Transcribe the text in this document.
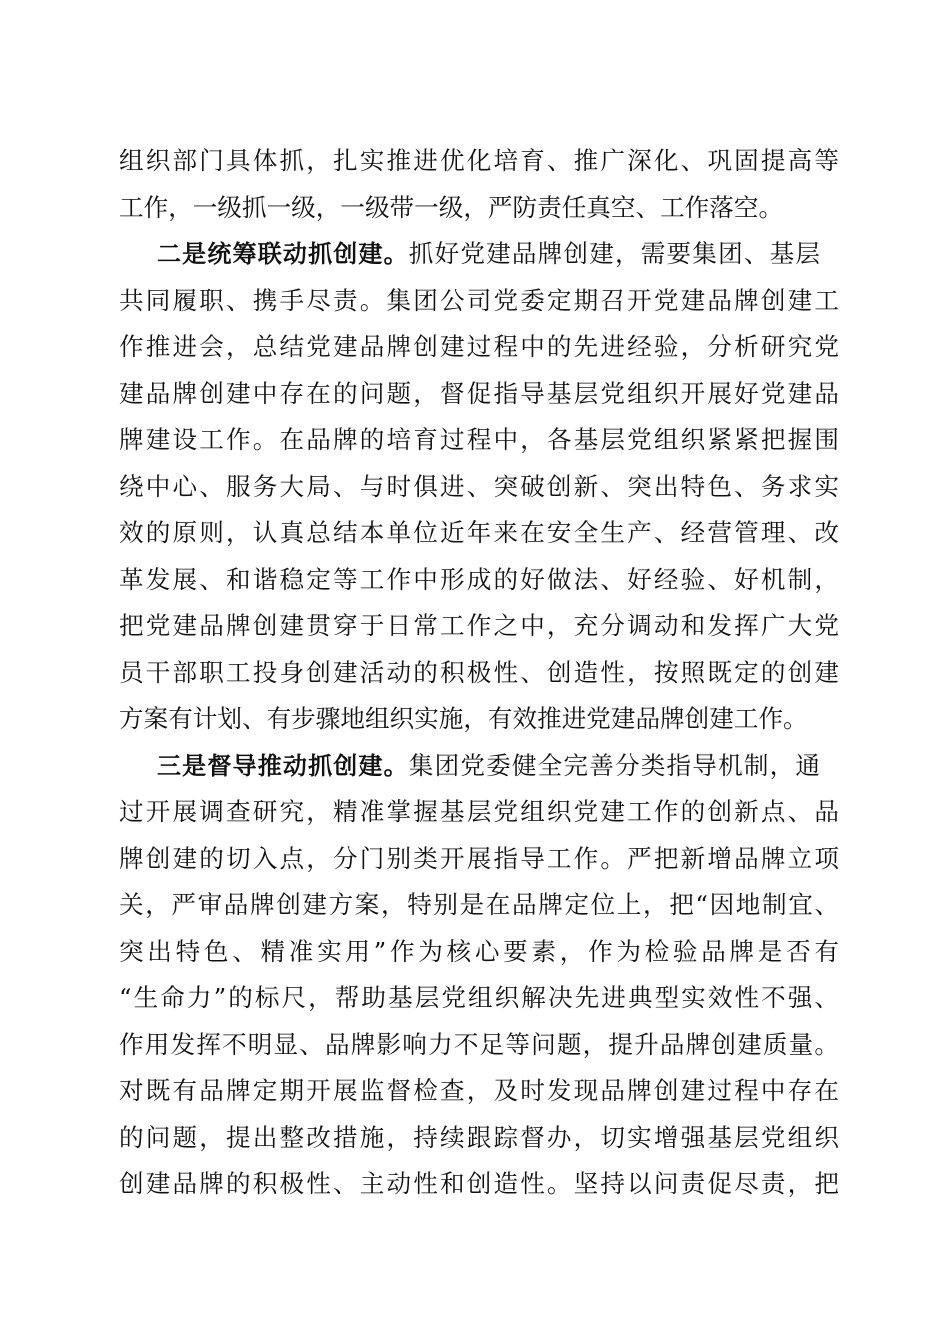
组织部门具体抓，扎实推进优化培育、推广深化、巩固提高等
工作，一级抓一级，一级带一级，严防责任真空、工作落空。
二是统筹联动抓创建。抓好党建品牌创建，需要集团、基层
共同履职、携手尽责。集团公司党委定期召开党建品牌创建工
作推进会，总结党建品牌创建过程中的先进经验，分析研究党
建品牌创建中存在的问题，督促指导基层党组织开展好党建品
牌建设工作。在品牌的培育过程中，各基层党组织紧紧把握围
绕中心、服务大局、与时俱进、突破创新、突出特色、务求实
效的原则，认真总结本单位近年来在安全生产、经营管理、改
革发展、和谐稳定等工作中形成的好做法、好经验、好机制，
把党建品牌创建贯穿于日常工作之中，充分调动和发挥广大党
员干部职工投身创建活动的积极性、创造性，按照既定的创建
方案有计划、有步骤地组织实施，有效推进党建品牌创建工作。
三是督导推动抓创建。集团党委健全完善分类指导机制，通
过开展调查研究，精准掌握基层党组织党建工作的创新点、品
牌创建的切入点，分门别类开展指导工作。严把新增品牌立项
关，严审品牌创建方案，特别是在品牌定位上，把“因地制宜、
突出特色、精准实用”作为核心要素，作为检验品牌是否有
“生命力”的标尺，帮助基层党组织解决先进典型实效性不强、
作用发挥不明显、品牌影响力不足等问题，提升品牌创建质量。
对既有品牌定期开展监督检查，及时发现品牌创建过程中存在
的问题，提出整改措施，持续跟踪督办，切实增强基层党组织
创建品牌的积极性、主动性和创造性。坚持以问责促尽责，把
